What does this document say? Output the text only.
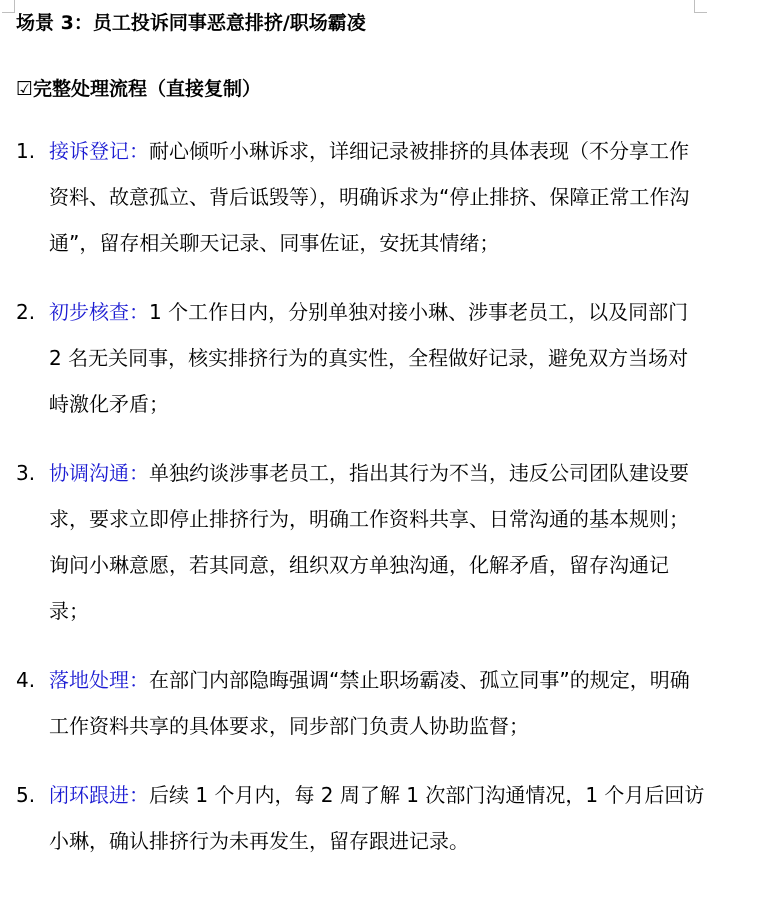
场景 3：员工投诉同事恶意排挤/职场霸凌
☑完整处理流程（直接复制）
1. 接诉登记：耐心倾听小琳诉求，详细记录被排挤的具体表现（不分享工作资料、故意孤立、背后诋毁等），明确诉求为“停止排挤、保障正常工作沟通”，留存相关聊天记录、同事佐证，安抚其情绪；
2. 初步核查：1 个工作日内，分别单独对接小琳、涉事老员工，以及同部门 2 名无关同事，核实排挤行为的真实性，全程做好记录，避免双方当场对峙激化矛盾；
3. 协调沟通：单独约谈涉事老员工，指出其行为不当，违反公司团队建设要求，要求立即停止排挤行为，明确工作资料共享、日常沟通的基本规则；询问小琳意愿，若其同意，组织双方单独沟通，化解矛盾，留存沟通记录；
4. 落地处理：在部门内部隐晦强调“禁止职场霸凌、孤立同事”的规定，明确工作资料共享的具体要求，同步部门负责人协助监督；
5. 闭环跟进：后续 1 个月内，每 2 周了解 1 次部门沟通情况，1 个月后回访小琳，确认排挤行为未再发生，留存跟进记录。
